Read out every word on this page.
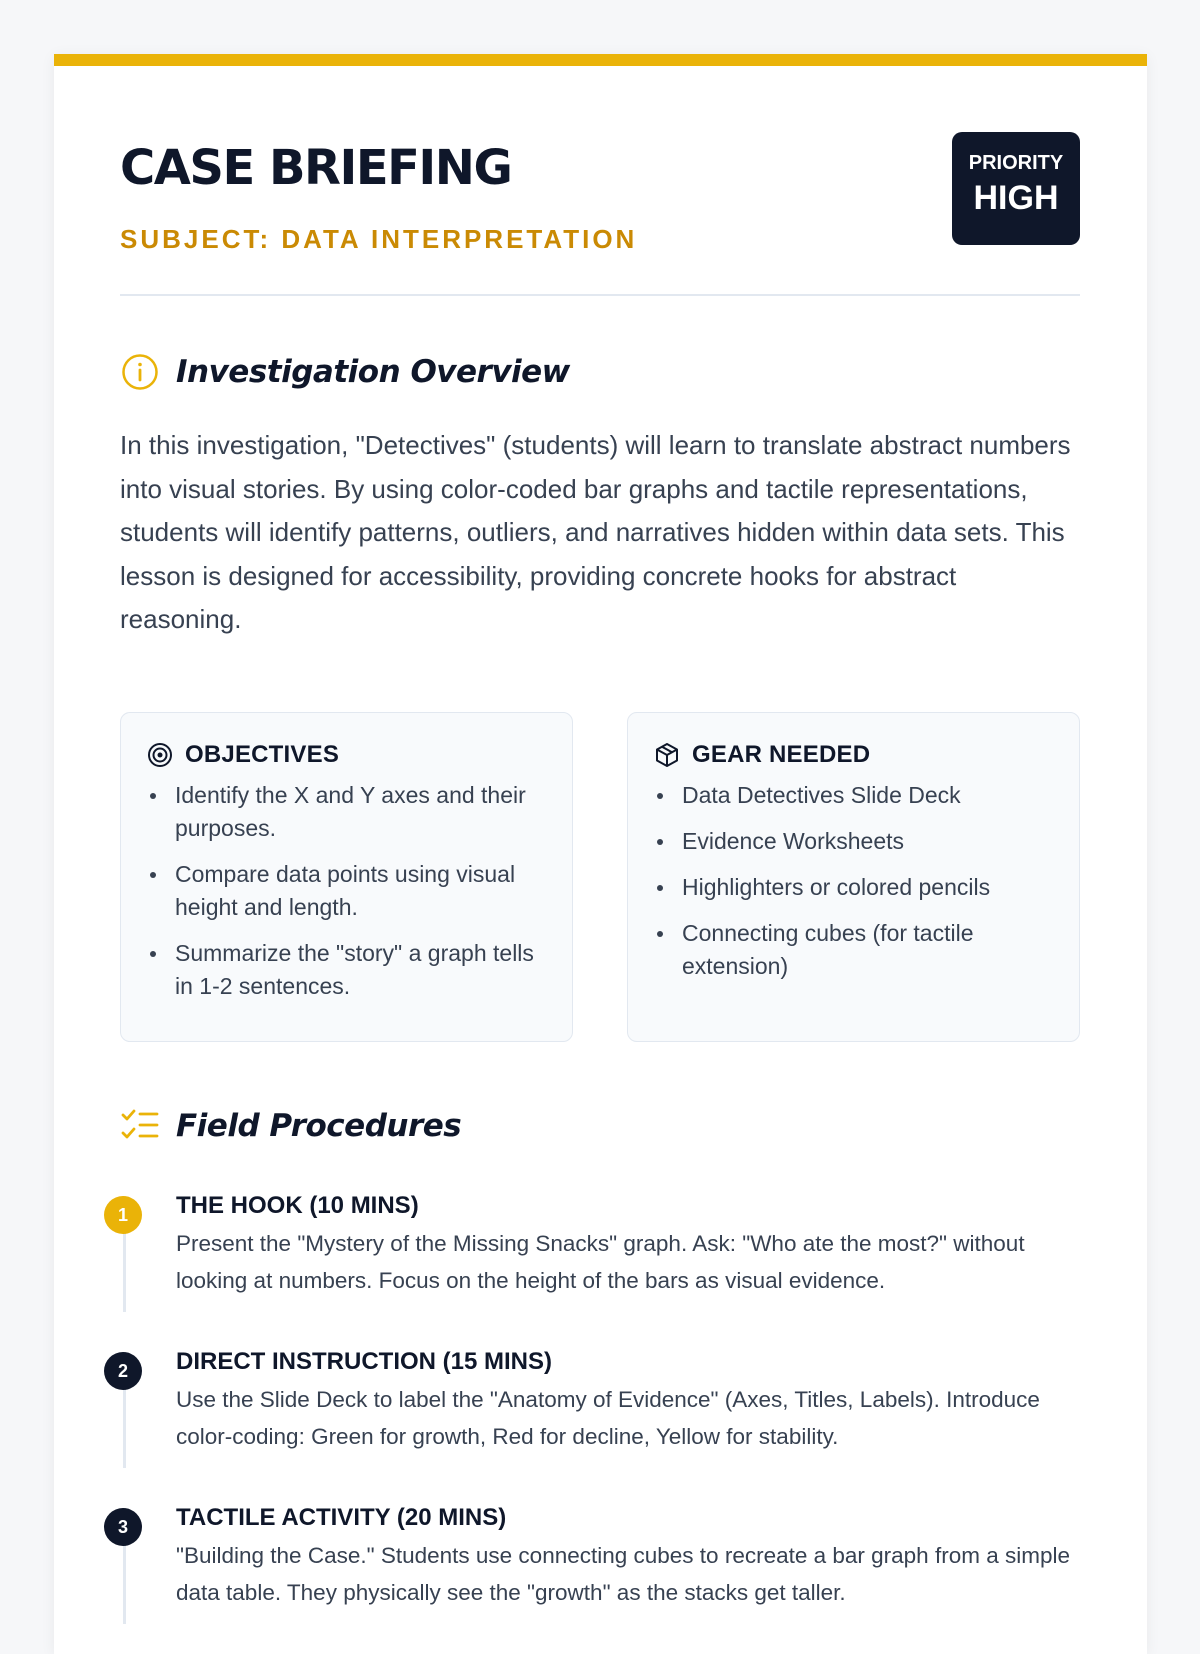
CASE BRIEFING
SUBJECT: DATA INTERPRETATION
PRIORITY
HIGH
Investigation Overview

In this investigation, "Detectives" (students) will learn to translate abstract numbers into visual stories. By using color-coded bar graphs and tactile representations, students will identify patterns, outliers, and narratives hidden within data sets. This lesson is designed for accessibility, providing concrete hooks for abstract reasoning.

OBJECTIVES
Identify the X and Y axes and their purposes.
Compare data points using visual height and length.
Summarize the "story" a graph tells in 1-2 sentences.
GEAR NEEDED
Data Detectives Slide Deck
Evidence Worksheets
Highlighters or colored pencils
Connecting cubes (for tactile extension)
Field Procedures
1	THE HOOK (10 MINS)

Present the "Mystery of the Missing Snacks" graph. Ask: "Who ate the most?" without looking at numbers. Focus on the height of the bars as visual evidence.

2	DIRECT INSTRUCTION (15 MINS)

Use the Slide Deck to label the "Anatomy of Evidence" (Axes, Titles, Labels). Introduce color-coding: Green for growth, Red for decline, Yellow for stability.

3	TACTILE ACTIVITY (20 MINS)

"Building the Case." Students use connecting cubes to recreate a bar graph from a simple data table. They physically see the "growth" as the stacks get taller.
